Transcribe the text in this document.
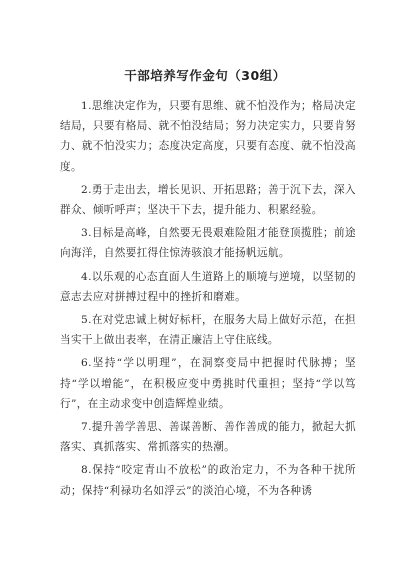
干部培养写作金句（30组）

1.思维决定作为，只要有思维、就不怕没作为；格局决定结局，只要有格局、就不怕没结局；努力决定实力，只要肯努力、就不怕没实力；态度决定高度，只要有态度、就不怕没高度。

2.勇于走出去，增长见识、开拓思路；善于沉下去，深入群众、倾听呼声；坚决干下去，提升能力、积累经验。

3.目标是高峰，自然要无畏艰难险阻才能登顶揽胜；前途向海洋，自然要扛得住惊涛骇浪才能扬帆远航。

4.以乐观的心态直面人生道路上的顺境与逆境，以坚韧的意志去应对拼搏过程中的挫折和磨难。

5.在对党忠诚上树好标杆，在服务大局上做好示范，在担当实干上做出表率，在清正廉洁上守住底线。

6.坚持“学以明理”，在洞察变局中把握时代脉搏；坚持“学以增能”，在积极应变中勇挑时代重担；坚持“学以笃行”，在主动求变中创造辉煌业绩。

7.提升善学善思、善谋善断、善作善成的能力，掀起大抓落实、真抓落实、常抓落实的热潮。

8.保持“咬定青山不放松”的政治定力，不为各种干扰所动；保持“利禄功名如浮云”的淡泊心境，不为各种诱
